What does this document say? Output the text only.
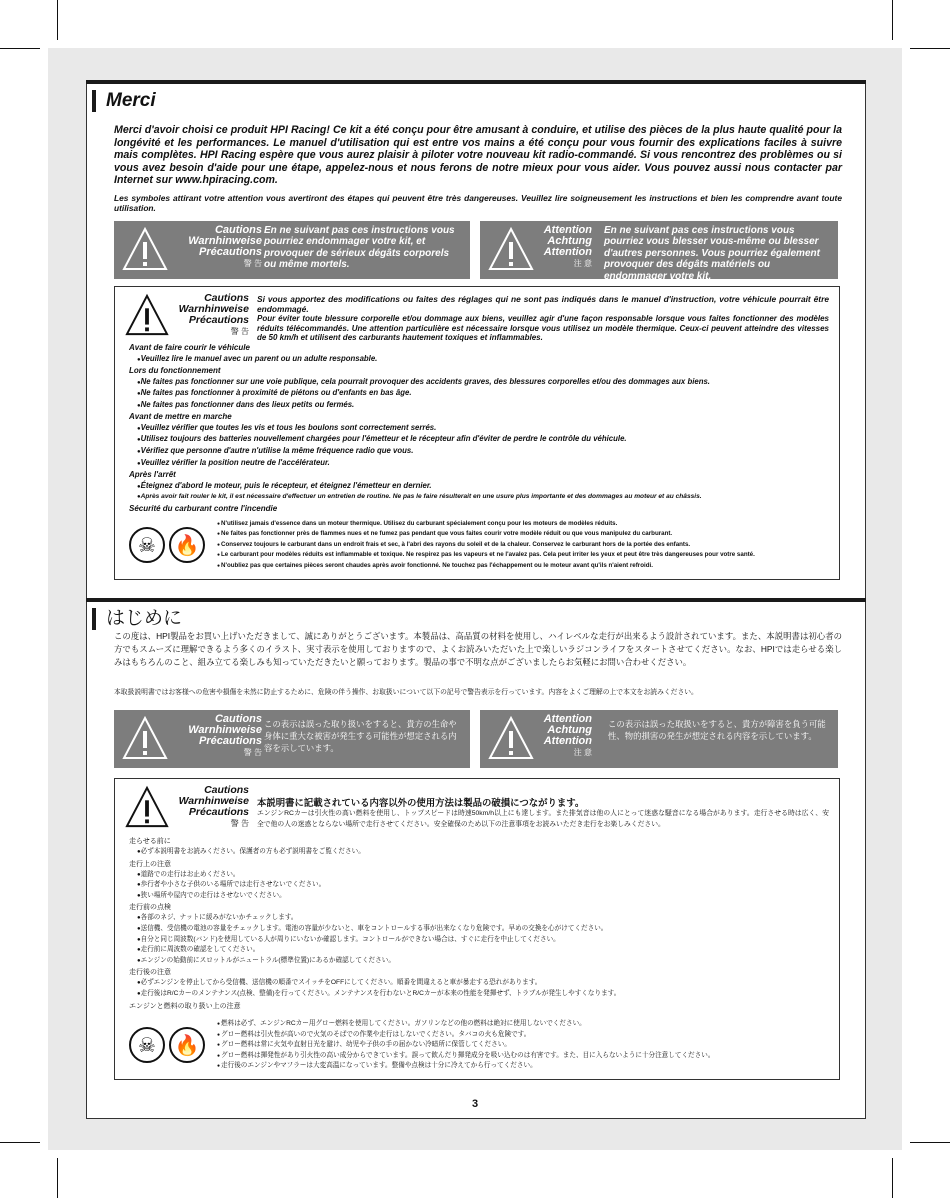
Merci

Merci d'avoir choisi ce produit HPI Racing! Ce kit a été conçu pour être amusant à conduire, et utilise des pièces de la plus haute qualité pour la longévité et les performances. Le manuel d'utilisation qui est entre vos mains a été conçu pour vous fournir des explications faciles à suivre mais complètes. HPI Racing espère que vous aurez plaisir à piloter votre nouveau kit radio-commandé. Si vous rencontrez des problèmes ou si vous avez besoin d'aide pour une étape, appelez-nous et nous ferons de notre mieux pour vous aider. Vous pouvez aussi nous contacter par Internet sur www.hpiracing.com.

Les symboles attirant votre attention vous avertiront des étapes qui peuvent être très dangereuses. Veuillez lire soigneusement les instructions et bien les comprendre avant toute utilisation.

Cautions
Warnhinweise
Précautions
警 告
En ne suivant pas ces instructions vous pourriez endommager votre kit, et provoquer de sérieux dégâts corporels ou même mortels.
Attention
Achtung
Attention
注 意
En ne suivant pas ces instructions vous pourriez vous blesser vous-même ou blesser d'autres personnes. Vous pourriez également provoquer des dégâts matériels ou endommager votre kit.
Cautions
Warnhinweise
Précautions
警 告
Si vous apportez des modifications ou faites des réglages qui ne sont pas indiqués dans le manuel d'instruction, votre véhicule pourrait être endommagé.
Pour éviter toute blessure corporelle et/ou dommage aux biens, veuillez agir d'une façon responsable lorsque vous faites fonctionner des modèles réduits télécommandés. Une attention particulière est nécessaire lorsque vous utilisez un modèle thermique. Ceux-ci peuvent atteindre des vitesses de 50 km/h et utilisent des carburants hautement toxiques et inflammables.
Avant de faire courir le véhicule
● Veuillez lire le manuel avec un parent ou un adulte responsable.
Lors du fonctionnement
● Ne faites pas fonctionner sur une voie publique, cela pourrait provoquer des accidents graves, des blessures corporelles et/ou des dommages aux biens.
● Ne faites pas fonctionner à proximité de piétons ou d'enfants en bas âge.
● Ne faites pas fonctionner dans des lieux petits ou fermés.
Avant de mettre en marche
● Veuillez vérifier que toutes les vis et tous les boulons sont correctement serrés.
● Utilisez toujours des batteries nouvellement chargées pour l'émetteur et le récepteur afin d'éviter de perdre le contrôle du véhicule.
● Vérifiez que personne d'autre n'utilise la même fréquence radio que vous.
● Veuillez vérifier la position neutre de l'accélérateur.
Après l'arrêt
● Éteignez d'abord le moteur, puis le récepteur, et éteignez l'émetteur en dernier.
● Après avoir fait rouler le kit, il est nécessaire d'effectuer un entretien de routine. Ne pas le faire résulterait en une usure plus importante et des dommages au moteur et au châssis.
Sécurité du carburant contre l'incendie
☠ 🔥
● N'utilisez jamais d'essence dans un moteur thermique. Utilisez du carburant spécialement conçu pour les moteurs de modèles réduits.
● Ne faites pas fonctionner près de flammes nues et ne fumez pas pendant que vous faites courir votre modèle réduit ou que vous manipulez du carburant.
● Conservez toujours le carburant dans un endroit frais et sec, à l'abri des rayons du soleil et de la chaleur. Conservez le carburant hors de la portée des enfants.
● Le carburant pour modèles réduits est inflammable et toxique. Ne respirez pas les vapeurs et ne l'avalez pas. Cela peut irriter les yeux et peut être très dangereuses pour votre santé.
● N'oubliez pas que certaines pièces seront chaudes après avoir fonctionné. Ne touchez pas l'échappement ou le moteur avant qu'ils n'aient refroidi.
はじめに

この度は、HPI製品をお買い上げいただきまして、誠にありがとうございます。本製品は、高品質の材料を使用し、ハイレベルな走行が出来るよう設計されています。また、本説明書は初心者の方でもスムーズに理解できるよう多くのイラスト、実寸表示を使用しておりますので、よくお読みいただいた上で楽しいラジコンライフをスタートさせてください。なお、HPIでは走らせる楽しみはもちろんのこと、組み立てる楽しみも知っていただきたいと願っております。製品の事で不明な点がございましたらお気軽にお問い合わせください。

本取扱説明書ではお客様への危害や損傷を未然に防止するために、危険の伴う操作、お取扱いについて以下の記号で警告表示を行っています。内容をよくご理解の上で本文をお読みください。

Cautions
Warnhinweise
Précautions
警 告
この表示は誤った取り扱いをすると、貴方の生命や身体に重大な被害が発生する可能性が想定される内容を示しています。
Attention
Achtung
Attention
注 意
この表示は誤った取扱いをすると、貴方が障害を負う可能性、物的損害の発生が想定される内容を示しています。
Cautions
Warnhinweise
Précautions
警 告
本説明書に記載されている内容以外の使用方法は製品の破損につながります。
エンジンRCカーは引火性の高い燃料を使用し、トップスピードは時速50km/h以上にも達します。また排気音は他の人にとって迷惑な騒音になる場合があります。走行させる時は広く、安全で他の人の迷惑とならない場所で走行させてください。安全確保のため以下の注意事項をお読みいただき走行をお楽しみください。
走らせる前に
● 必ず本説明書をお読みください。保護者の方も必ず説明書をご覧ください。
走行上の注意
● 道路での走行はお止めください。
● 歩行者や小さな子供のいる場所では走行させないでください。
● 狭い場所や屋内での走行はさせないでください。
走行前の点検
● 各部のネジ、ナットに緩みがないかチェックします。
● 送信機、受信機の電池の容量をチェックします。電池の容量が少ないと、車をコントロールする事が出来なくなり危険です。早めの交換を心がけてください。
● 自分と同じ周波数(バンド)を使用している人が周りにいないか確認します。コントロールができない場合は、すぐに走行を中止してください。
● 走行前に周波数の確認をしてください。
● エンジンの始動前にスロットルがニュートラル(標準位置)にあるか確認してください。
走行後の注意
● 必ずエンジンを停止してから受信機、送信機の順番でスイッチをOFFにしてください。順番を間違えると車が暴走する恐れがあります。
● 走行後はR/Cカーのメンテナンス(点検、整備)を行ってください。メンテナンスを行わないとR/Cカーが本来の性能を発揮せず、トラブルが発生しやすくなります。
エンジンと燃料の取り扱い上の注意
☠ 🔥
● 燃料は必ず、エンジンRCカー用グロー燃料を使用してください。ガソリンなどの他の燃料は絶対に使用しないでください。
● グロー燃料は引火性が高いので火気のそばでの作業や走行はしないでください。タバコの火も危険です。
● グロー燃料は常に火気や直射日光を避け、幼児や子供の手の届かない冷暗所に保管してください。
● グロー燃料は揮発性があり引火性の高い成分からできています。誤って飲んだり揮発成分を吸い込むのは有害です。また、目に入らないように十分注意してください。
● 走行後のエンジンやマフラーは大変高温になっています。整備や点検は十分に冷えてから行ってください。
3
